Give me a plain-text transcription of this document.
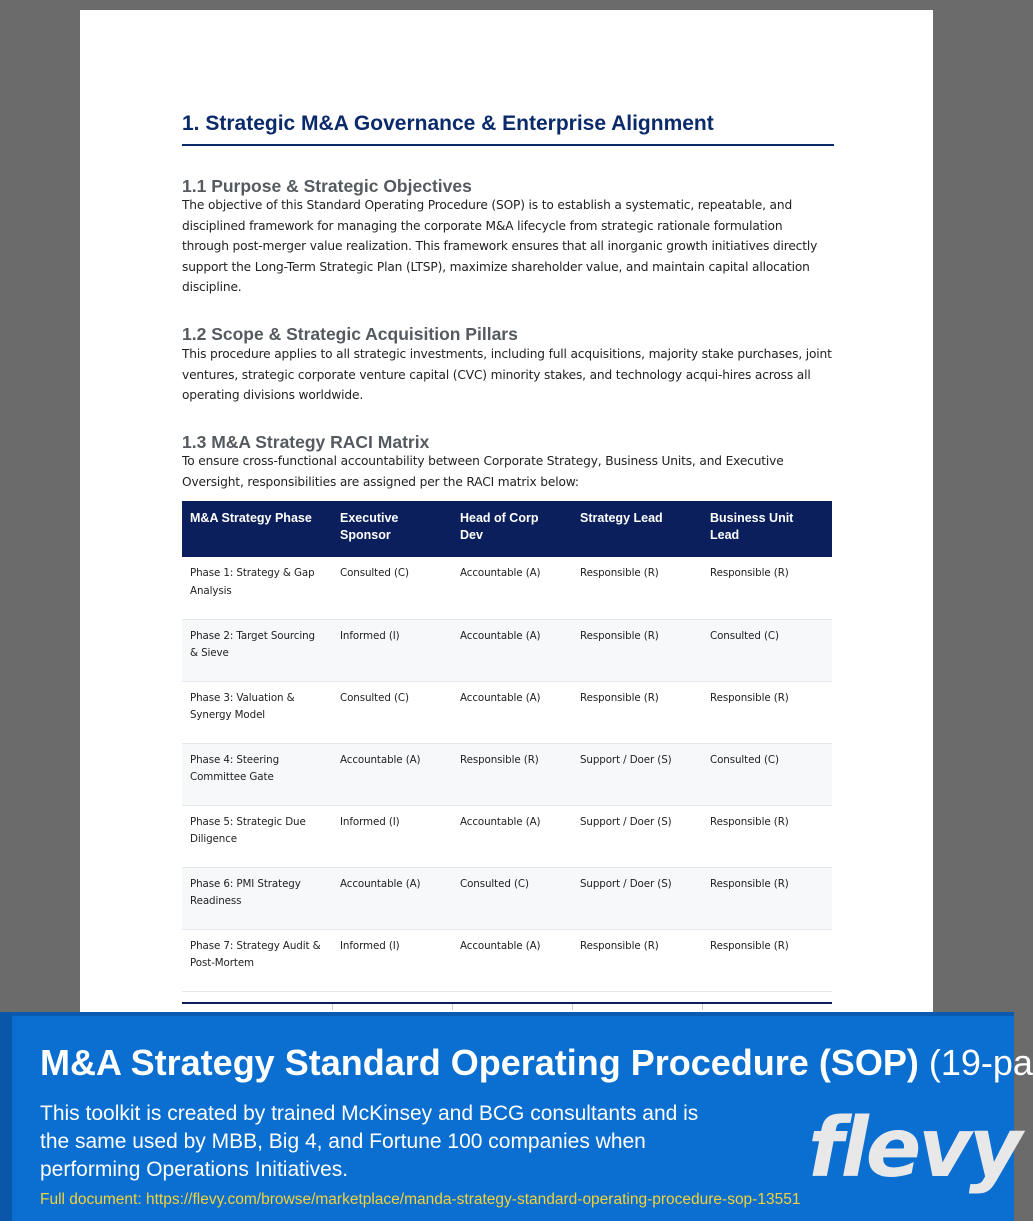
1. Strategic M&A Governance & Enterprise Alignment
1.1 Purpose & Strategic Objectives

The objective of this Standard Operating Procedure (SOP) is to establish a systematic, repeatable, and disciplined framework for managing the corporate M&A lifecycle from strategic rationale formulation through post-merger value realization. This framework ensures that all inorganic growth initiatives directly support the Long-Term Strategic Plan (LTSP), maximize shareholder value, and maintain capital allocation discipline.

1.2 Scope & Strategic Acquisition Pillars

This procedure applies to all strategic investments, including full acquisitions, majority stake purchases, joint ventures, strategic corporate venture capital (CVC) minority stakes, and technology acqui-hires across all operating divisions worldwide.

1.3 M&A Strategy RACI Matrix

To ensure cross-functional accountability between Corporate Strategy, Business Units, and Executive Oversight, responsibilities are assigned per the RACI matrix below:

M&A Strategy Phase	Executive Sponsor	Head of Corp Dev	Strategy Lead	Business Unit Lead
Phase 1: Strategy & Gap Analysis	Consulted (C)	Accountable (A)	Responsible (R)	Responsible (R)
Phase 2: Target Sourcing & Sieve	Informed (I)	Accountable (A)	Responsible (R)	Consulted (C)
Phase 3: Valuation & Synergy Model	Consulted (C)	Accountable (A)	Responsible (R)	Responsible (R)
Phase 4: Steering Committee Gate	Accountable (A)	Responsible (R)	Support / Doer (S)	Consulted (C)
Phase 5: Strategic Due Diligence	Informed (I)	Accountable (A)	Support / Doer (S)	Responsible (R)
Phase 6: PMI Strategy Readiness	Accountable (A)	Consulted (C)	Support / Doer (S)	Responsible (R)
Phase 7: Strategy Audit & Post-Mortem	Informed (I)	Accountable (A)	Responsible (R)	Responsible (R)
M&A Strategy Standard Operating Procedure (SOP) (19-pa
This toolkit is created by trained McKinsey and BCG consultants and is the same used by MBB, Big 4, and Fortune 100 companies when performing Operations Initiatives.
Full document: https://flevy.com/browse/marketplace/manda-strategy-standard-operating-procedure-sop-13551
flevy
